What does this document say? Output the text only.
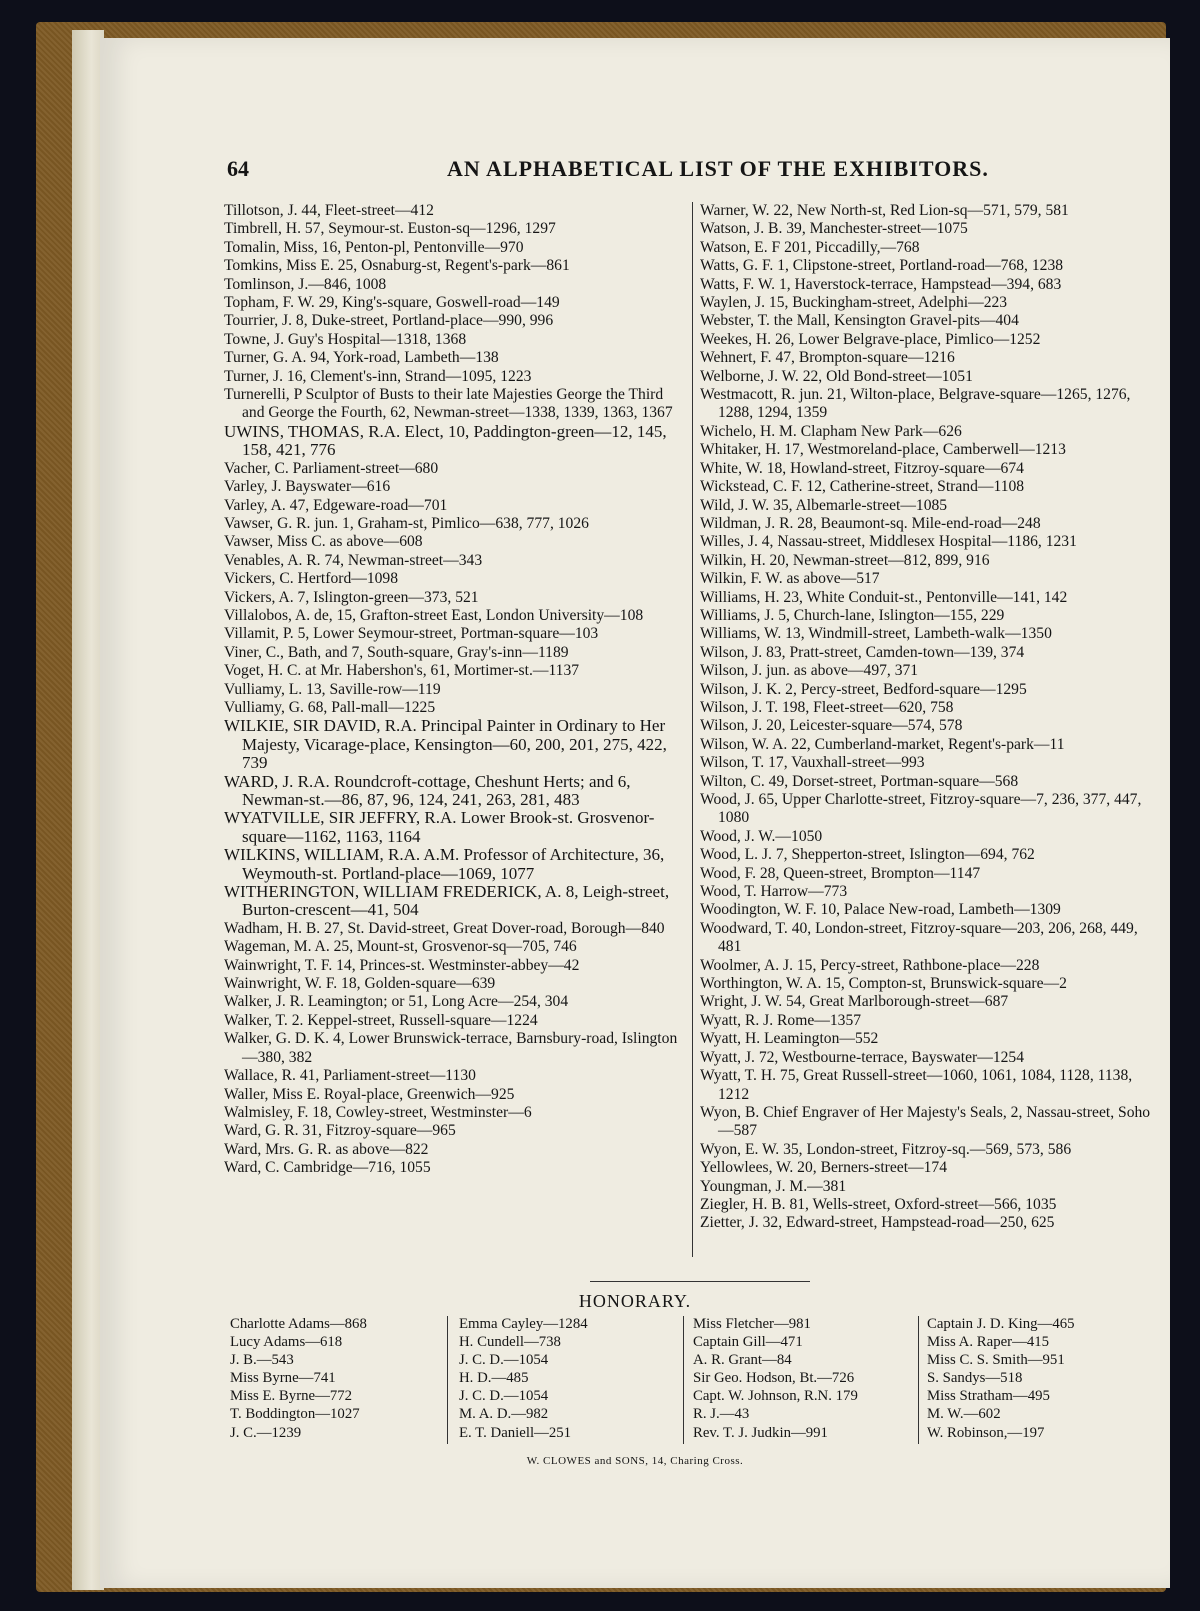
64	AN ALPHABETICAL LIST OF THE EXHIBITORS.
Tillotson, J. 44, Fleet-street—412
Timbrell, H. 57, Seymour-st. Euston-sq—1296, 1297
Tomalin, Miss, 16, Penton-pl, Pentonville—970
Tomkins, Miss E. 25, Osnaburg-st, Regent's-park—861
Tomlinson, J.—846, 1008
Topham, F. W. 29, King's-square, Goswell-road—149
Tourrier, J. 8, Duke-street, Portland-place—990, 996
Towne, J. Guy's Hospital—1318, 1368
Turner, G. A. 94, York-road, Lambeth—138
Turner, J. 16, Clement's-inn, Strand—1095, 1223
Turnerelli, P Sculptor of Busts to their late Majesties George the Third and George the Fourth, 62, Newman-street—1338, 1339, 1363, 1367
UWINS, THOMAS, R.A. Elect, 10, Paddington-green—12, 145, 158, 421, 776
Vacher, C. Parliament-street—680
Varley, J. Bayswater—616
Varley, A. 47, Edgeware-road—701
Vawser, G. R. jun. 1, Graham-st, Pimlico—638, 777, 1026
Vawser, Miss C. as above—608
Venables, A. R. 74, Newman-street—343
Vickers, C. Hertford—1098
Vickers, A. 7, Islington-green—373, 521
Villalobos, A. de, 15, Grafton-street East, London University—108
Villamit, P. 5, Lower Seymour-street, Portman-square—103
Viner, C., Bath, and 7, South-square, Gray's-inn—1189
Voget, H. C. at Mr. Habershon's, 61, Mortimer-st.—1137
Vulliamy, L. 13, Saville-row—119
Vulliamy, G. 68, Pall-mall—1225
WILKIE, SIR DAVID, R.A. Principal Painter in Ordinary to Her Majesty, Vicarage-place, Kensington—60, 200, 201, 275, 422, 739
WARD, J. R.A. Roundcroft-cottage, Cheshunt Herts; and 6, Newman-st.—86, 87, 96, 124, 241, 263, 281, 483
WYATVILLE, SIR JEFFRY, R.A. Lower Brook-st. Grosvenor-square—1162, 1163, 1164
WILKINS, WILLIAM, R.A. A.M. Professor of Architecture, 36, Weymouth-st. Portland-place—1069, 1077
WITHERINGTON, WILLIAM FREDERICK, A. 8, Leigh-street, Burton-crescent—41, 504
Wadham, H. B. 27, St. David-street, Great Dover-road, Borough—840
Wageman, M. A. 25, Mount-st, Grosvenor-sq—705, 746
Wainwright, T. F. 14, Princes-st. Westminster-abbey—42
Wainwright, W. F. 18, Golden-square—639
Walker, J. R. Leamington; or 51, Long Acre—254, 304
Walker, T. 2. Keppel-street, Russell-square—1224
Walker, G. D. K. 4, Lower Brunswick-terrace, Barnsbury-road, Islington—380, 382
Wallace, R. 41, Parliament-street—1130
Waller, Miss E. Royal-place, Greenwich—925
Walmisley, F. 18, Cowley-street, Westminster—6
Ward, G. R. 31, Fitzroy-square—965
Ward, Mrs. G. R. as above—822
Ward, C. Cambridge—716, 1055
Warner, W. 22, New North-st, Red Lion-sq—571, 579, 581
Watson, J. B. 39, Manchester-street—1075
Watson, E. F 201, Piccadilly,—768
Watts, G. F. 1, Clipstone-street, Portland-road—768, 1238
Watts, F. W. 1, Haverstock-terrace, Hampstead—394, 683
Waylen, J. 15, Buckingham-street, Adelphi—223
Webster, T. the Mall, Kensington Gravel-pits—404
Weekes, H. 26, Lower Belgrave-place, Pimlico—1252
Wehnert, F. 47, Brompton-square—1216
Welborne, J. W. 22, Old Bond-street—1051
Westmacott, R. jun. 21, Wilton-place, Belgrave-square—1265, 1276, 1288, 1294, 1359
Wichelo, H. M. Clapham New Park—626
Whitaker, H. 17, Westmoreland-place, Camberwell—1213
White, W. 18, Howland-street, Fitzroy-square—674
Wickstead, C. F. 12, Catherine-street, Strand—1108
Wild, J. W. 35, Albemarle-street—1085
Wildman, J. R. 28, Beaumont-sq. Mile-end-road—248
Willes, J. 4, Nassau-street, Middlesex Hospital—1186, 1231
Wilkin, H. 20, Newman-street—812, 899, 916
Wilkin, F. W. as above—517
Williams, H. 23, White Conduit-st., Pentonville—141, 142
Williams, J. 5, Church-lane, Islington—155, 229
Williams, W. 13, Windmill-street, Lambeth-walk—1350
Wilson, J. 83, Pratt-street, Camden-town—139, 374
Wilson, J. jun. as above—497, 371
Wilson, J. K. 2, Percy-street, Bedford-square—1295
Wilson, J. T. 198, Fleet-street—620, 758
Wilson, J. 20, Leicester-square—574, 578
Wilson, W. A. 22, Cumberland-market, Regent's-park—11
Wilson, T. 17, Vauxhall-street—993
Wilton, C. 49, Dorset-street, Portman-square—568
Wood, J. 65, Upper Charlotte-street, Fitzroy-square—7, 236, 377, 447, 1080
Wood, J. W.—1050
Wood, L. J. 7, Shepperton-street, Islington—694, 762
Wood, F. 28, Queen-street, Brompton—1147
Wood, T. Harrow—773
Woodington, W. F. 10, Palace New-road, Lambeth—1309
Woodward, T. 40, London-street, Fitzroy-square—203, 206, 268, 449, 481
Woolmer, A. J. 15, Percy-street, Rathbone-place—228
Worthington, W. A. 15, Compton-st, Brunswick-square—2
Wright, J. W. 54, Great Marlborough-street—687
Wyatt, R. J. Rome—1357
Wyatt, H. Leamington—552
Wyatt, J. 72, Westbourne-terrace, Bayswater—1254
Wyatt, T. H. 75, Great Russell-street—1060, 1061, 1084, 1128, 1138, 1212
Wyon, B. Chief Engraver of Her Majesty's Seals, 2, Nassau-street, Soho—587
Wyon, E. W. 35, London-street, Fitzroy-sq.—569, 573, 586
Yellowlees, W. 20, Berners-street—174
Youngman, J. M.—381
Ziegler, H. B. 81, Wells-street, Oxford-street—566, 1035
Zietter, J. 32, Edward-street, Hampstead-road—250, 625
HONORARY.
Charlotte Adams—868
Lucy Adams—618
J. B.—543
Miss Byrne—741
Miss E. Byrne—772
T. Boddington—1027
J. C.—1239
Emma Cayley—1284
H. Cundell—738
J. C. D.—1054
H. D.—485
J. C. D.—1054
M. A. D.—982
E. T. Daniell—251
Miss Fletcher—981
Captain Gill—471
A. R. Grant—84
Sir Geo. Hodson, Bt.—726
Capt. W. Johnson, R.N. 179
R. J.—43
Rev. T. J. Judkin—991
Captain J. D. King—465
Miss A. Raper—415
Miss C. S. Smith—951
S. Sandys—518
Miss Stratham—495
M. W.—602
W. Robinson,—197
W. CLOWES and SONS, 14, Charing Cross.
